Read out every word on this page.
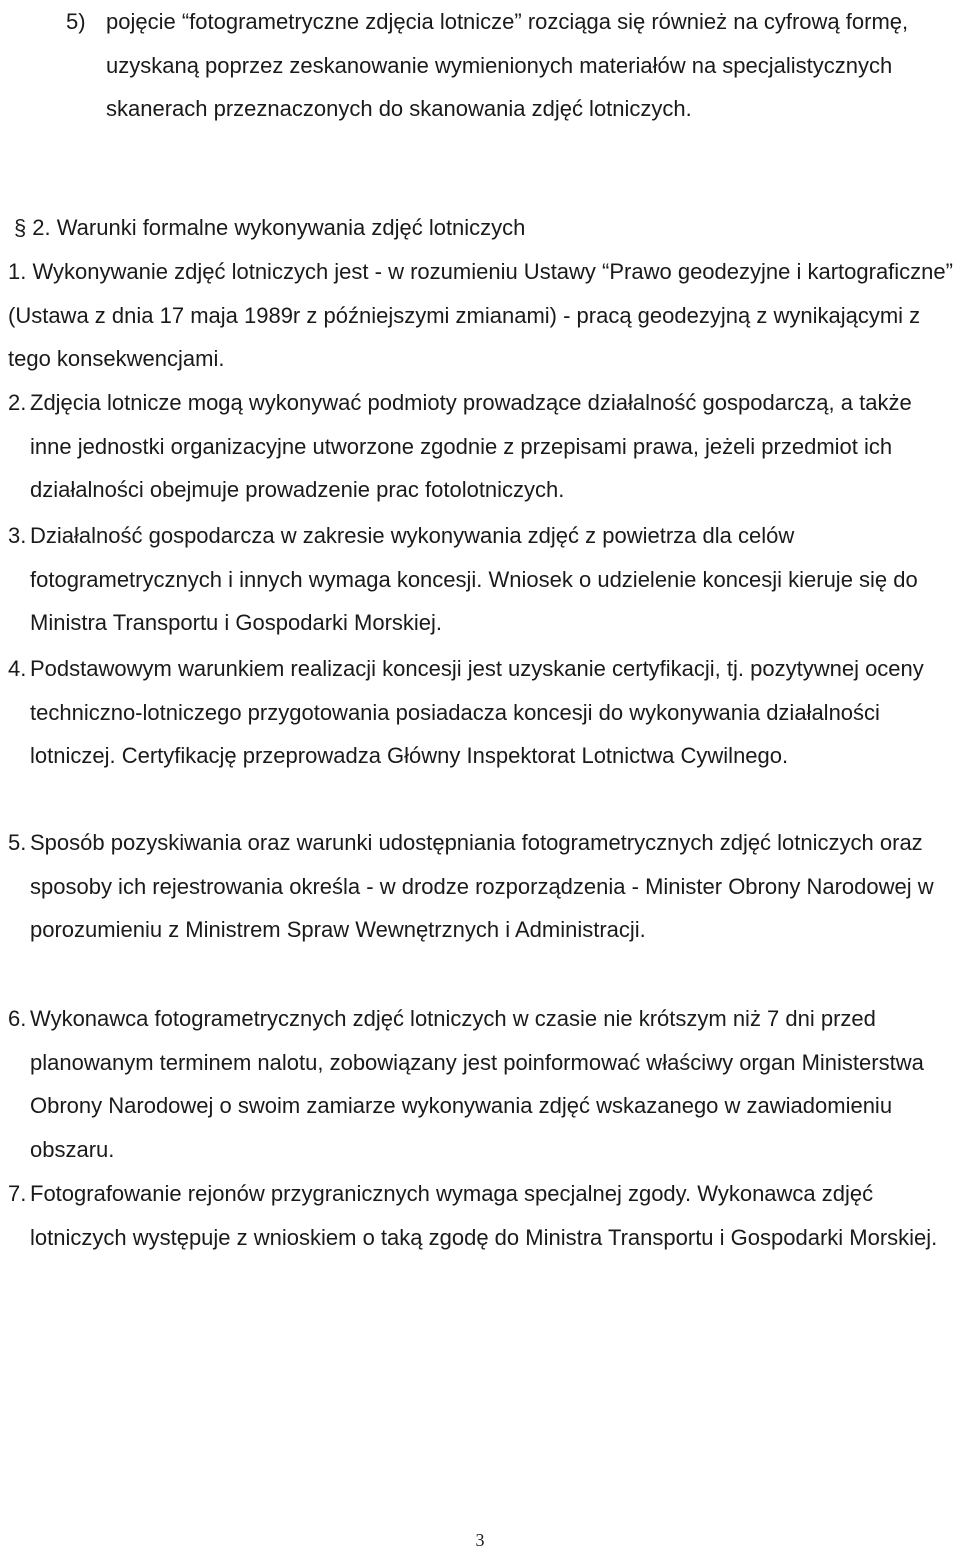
5) pojęcie “fotogrametryczne zdjęcia lotnicze” rozciąga się również na cyfrową formę, uzyskaną poprzez zeskanowanie wymienionych materiałów na specjalistycznych skanerach przeznaczonych do skanowania zdjęć lotniczych.
§ 2. Warunki formalne wykonywania zdjęć lotniczych

1. Wykonywanie zdjęć lotniczych jest - w rozumieniu Ustawy “Prawo geodezyjne i kartograficzne” (Ustawa z dnia 17 maja 1989r z późniejszymi zmianami) - pracą geodezyjną z wynikającymi z tego konsekwencjami.

2. Zdjęcia lotnicze mogą wykonywać podmioty prowadzące działalność gospodarczą, a także inne jednostki organizacyjne utworzone zgodnie z przepisami prawa, jeżeli przedmiot ich działalności obejmuje prowadzenie prac fotolotniczych.

3. Działalność gospodarcza w zakresie wykonywania zdjęć z powietrza dla celów fotogrametrycznych i innych wymaga koncesji. Wniosek o udzielenie koncesji kieruje się do Ministra Transportu i Gospodarki Morskiej.

4. Podstawowym warunkiem realizacji koncesji jest uzyskanie certyfikacji, tj. pozytywnej oceny techniczno-lotniczego przygotowania posiadacza koncesji do wykonywania działalności lotniczej. Certyfikację przeprowadza Główny Inspektorat Lotnictwa Cywilnego.

5. Sposób pozyskiwania oraz warunki udostępniania fotogrametrycznych zdjęć lotniczych oraz sposoby ich rejestrowania określa - w drodze rozporządzenia - Minister Obrony Narodowej w porozumieniu z Ministrem Spraw Wewnętrznych i Administracji.

6. Wykonawca fotogrametrycznych zdjęć lotniczych w czasie nie krótszym niż 7 dni przed planowanym terminem nalotu, zobowiązany jest poinformować właściwy organ Ministerstwa Obrony Narodowej o swoim zamiarze wykonywania zdjęć wskazanego w zawiadomieniu obszaru.

7. Fotografowanie rejonów przygranicznych wymaga specjalnej zgody. Wykonawca zdjęć lotniczych występuje z wnioskiem o taką zgodę do Ministra Transportu i Gospodarki Morskiej.

3
